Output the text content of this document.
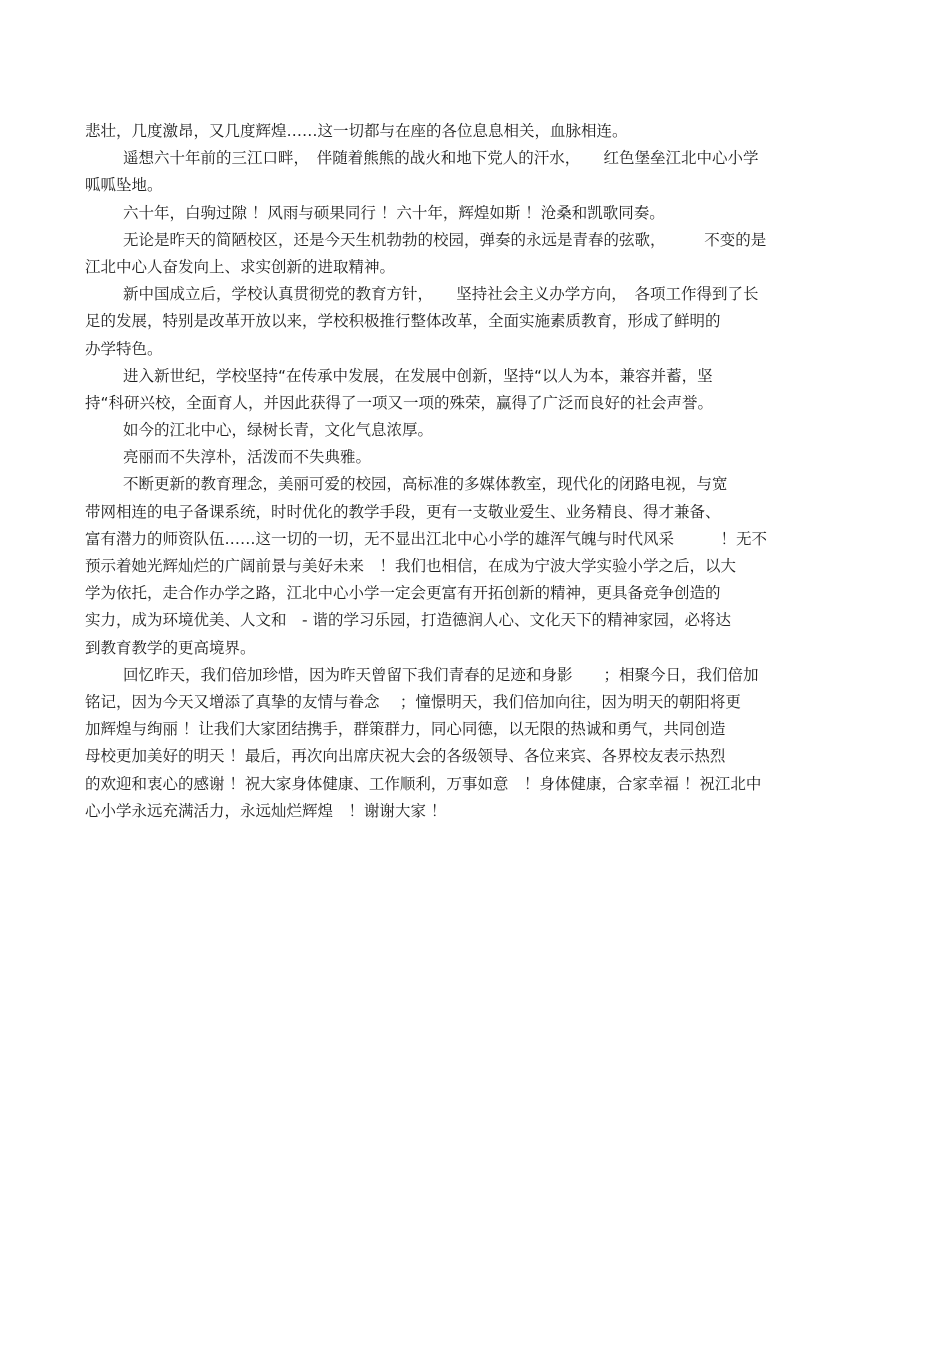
悲壮，几度激昂，又几度辉煌……这一切都与在座的各位息息相关，血脉相连。
遥想六十年前的三江口畔，　伴随着熊熊的战火和地下党人的汗水，　　红色堡垒江北中心小学
呱呱坠地。
六十年，白驹过隙 ！风雨与硕果同行 ！六十年，辉煌如斯 ！沧桑和凯歌同奏。
无论是昨天的简陋校区，还是今天生机勃勃的校园，弹奏的永远是青春的弦歌，　　　不变的是
江北中心人奋发向上、求实创新的进取精神。
新中国成立后，学校认真贯彻党的教育方针，　　坚持社会主义办学方向，　各项工作得到了长
足的发展，特别是改革开放以来，学校积极推行整体改革，全面实施素质教育，形成了鲜明的
办学特色。
进入新世纪，学校坚持“在传承中发展，在发展中创新，坚持“以人为本，兼容并蓄，坚
持“科研兴校，全面育人，并因此获得了一项又一项的殊荣，赢得了广泛而良好的社会声誉。
如今的江北中心，绿树长青，文化气息浓厚。
亮丽而不失淳朴，活泼而不失典雅。
不断更新的教育理念，美丽可爱的校园，高标准的多媒体教室，现代化的闭路电视，与宽
带网相连的电子备课系统，时时优化的教学手段，更有一支敬业爱生、业务精良、得才兼备、
富有潜力的师资队伍……这一切的一切，无不显出江北中心小学的雄浑气魄与时代风采　　　！无不
预示着她光辉灿烂的广阔前景与美好未来　！我们也相信，在成为宁波大学实验小学之后，以大
学为依托，走合作办学之路，江北中心小学一定会更富有开拓创新的精神，更具备竞争创造的
实力，成为环境优美、人文和　- 谐的学习乐园，打造德润人心、文化天下的精神家园，必将达
到教育教学的更高境界。
回忆昨天，我们倍加珍惜，因为昨天曾留下我们青春的足迹和身影　　；相聚今日，我们倍加
铭记，因为今天又增添了真挚的友情与眷念　 ；憧憬明天，我们倍加向往，因为明天的朝阳将更
加辉煌与绚丽 ！让我们大家团结携手，群策群力，同心同德，以无限的热诚和勇气，共同创造
母校更加美好的明天 ！最后，再次向出席庆祝大会的各级领导、各位来宾、各界校友表示热烈
的欢迎和衷心的感谢 ！祝大家身体健康、工作顺利，万事如意　！身体健康，合家幸福 ！祝江北中
心小学永远充满活力，永远灿烂辉煌　！谢谢大家 ！
